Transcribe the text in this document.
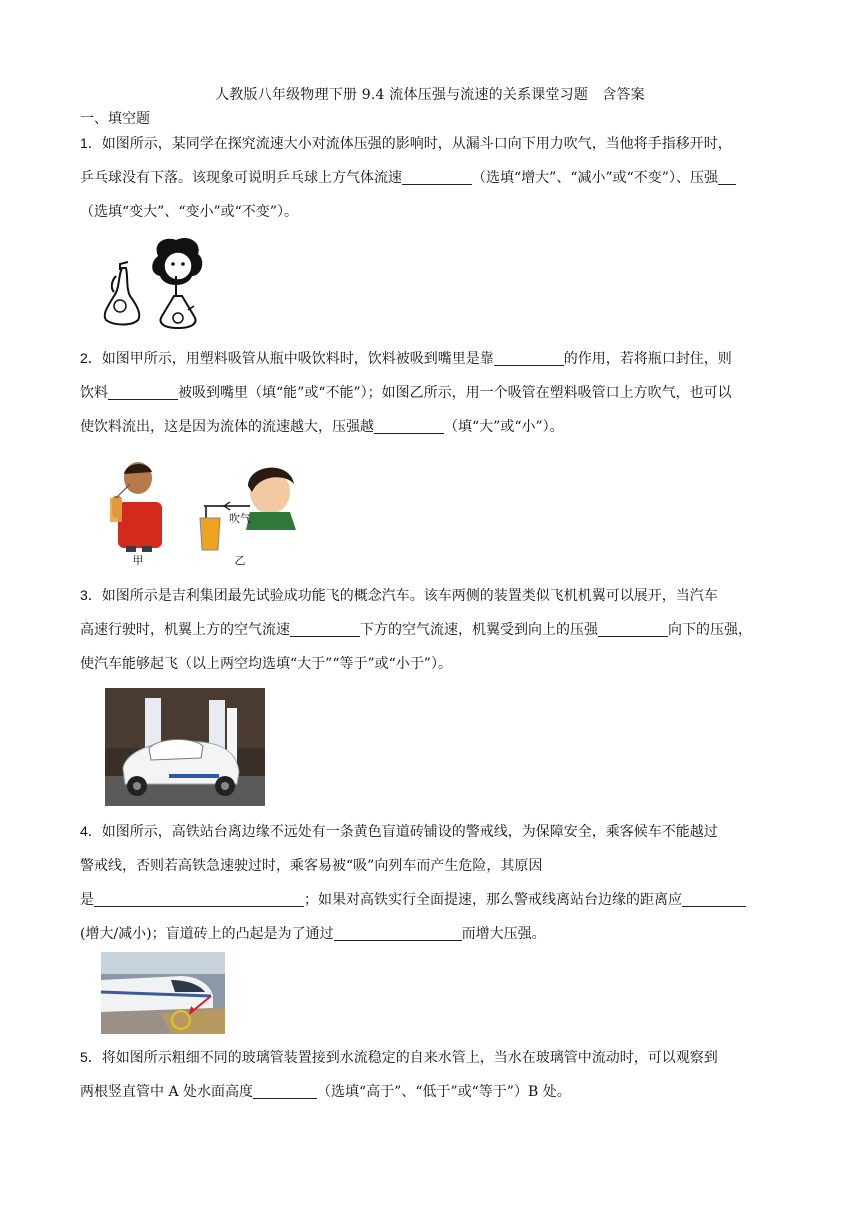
人教版八年级物理下册 9.4 流体压强与流速的关系课堂习题　含答案
一、填空题

1．如图所示，某同学在探究流速大小对流体压强的影响时，从漏斗口向下用力吹气，当他将手指移开时，

乒乓球没有下落。该现象可说明乒乓球上方气体流速	（选填“增大”、“减小”或“不变”）、压强

（选填“变大”、“变小”或“不变”）。

2．如图甲所示，用塑料吸管从瓶中吸饮料时，饮料被吸到嘴里是靠	的作用，若将瓶口封住，则

饮料	被吸到嘴里（填“能”或“不能”）；如图乙所示，用一个吸管在塑料吸管口上方吹气，也可以

使饮料流出，这是因为流体的流速越大，压强越	（填“大”或“小”）。

甲
吹气
乙

3．如图所示是吉利集团最先试验成功能飞的概念汽车。该车两侧的装置类似飞机机翼可以展开，当汽车

高速行驶时，机翼上方的空气流速	下方的空气流速，机翼受到向上的压强	向下的压强，

使汽车能够起飞（以上两空均选填“大于”“等于”或“小于”）。

4．如图所示，高铁站台离边缘不远处有一条黄色盲道砖铺设的警戒线，为保障安全，乘客候车不能越过

警戒线，否则若高铁急速驶过时，乘客易被“吸”向列车而产生危险，其原因

是	；如果对高铁实行全面提速，那么警戒线离站台边缘的距离应

(增大/减小)；盲道砖上的凸起是为了通过	而增大压强。

5．将如图所示粗细不同的玻璃管装置接到水流稳定的自来水管上，当水在玻璃管中流动时，可以观察到

两根竖直管中 A 处水面高度	（选填“高于”、“低于”或“等于”）B 处。
